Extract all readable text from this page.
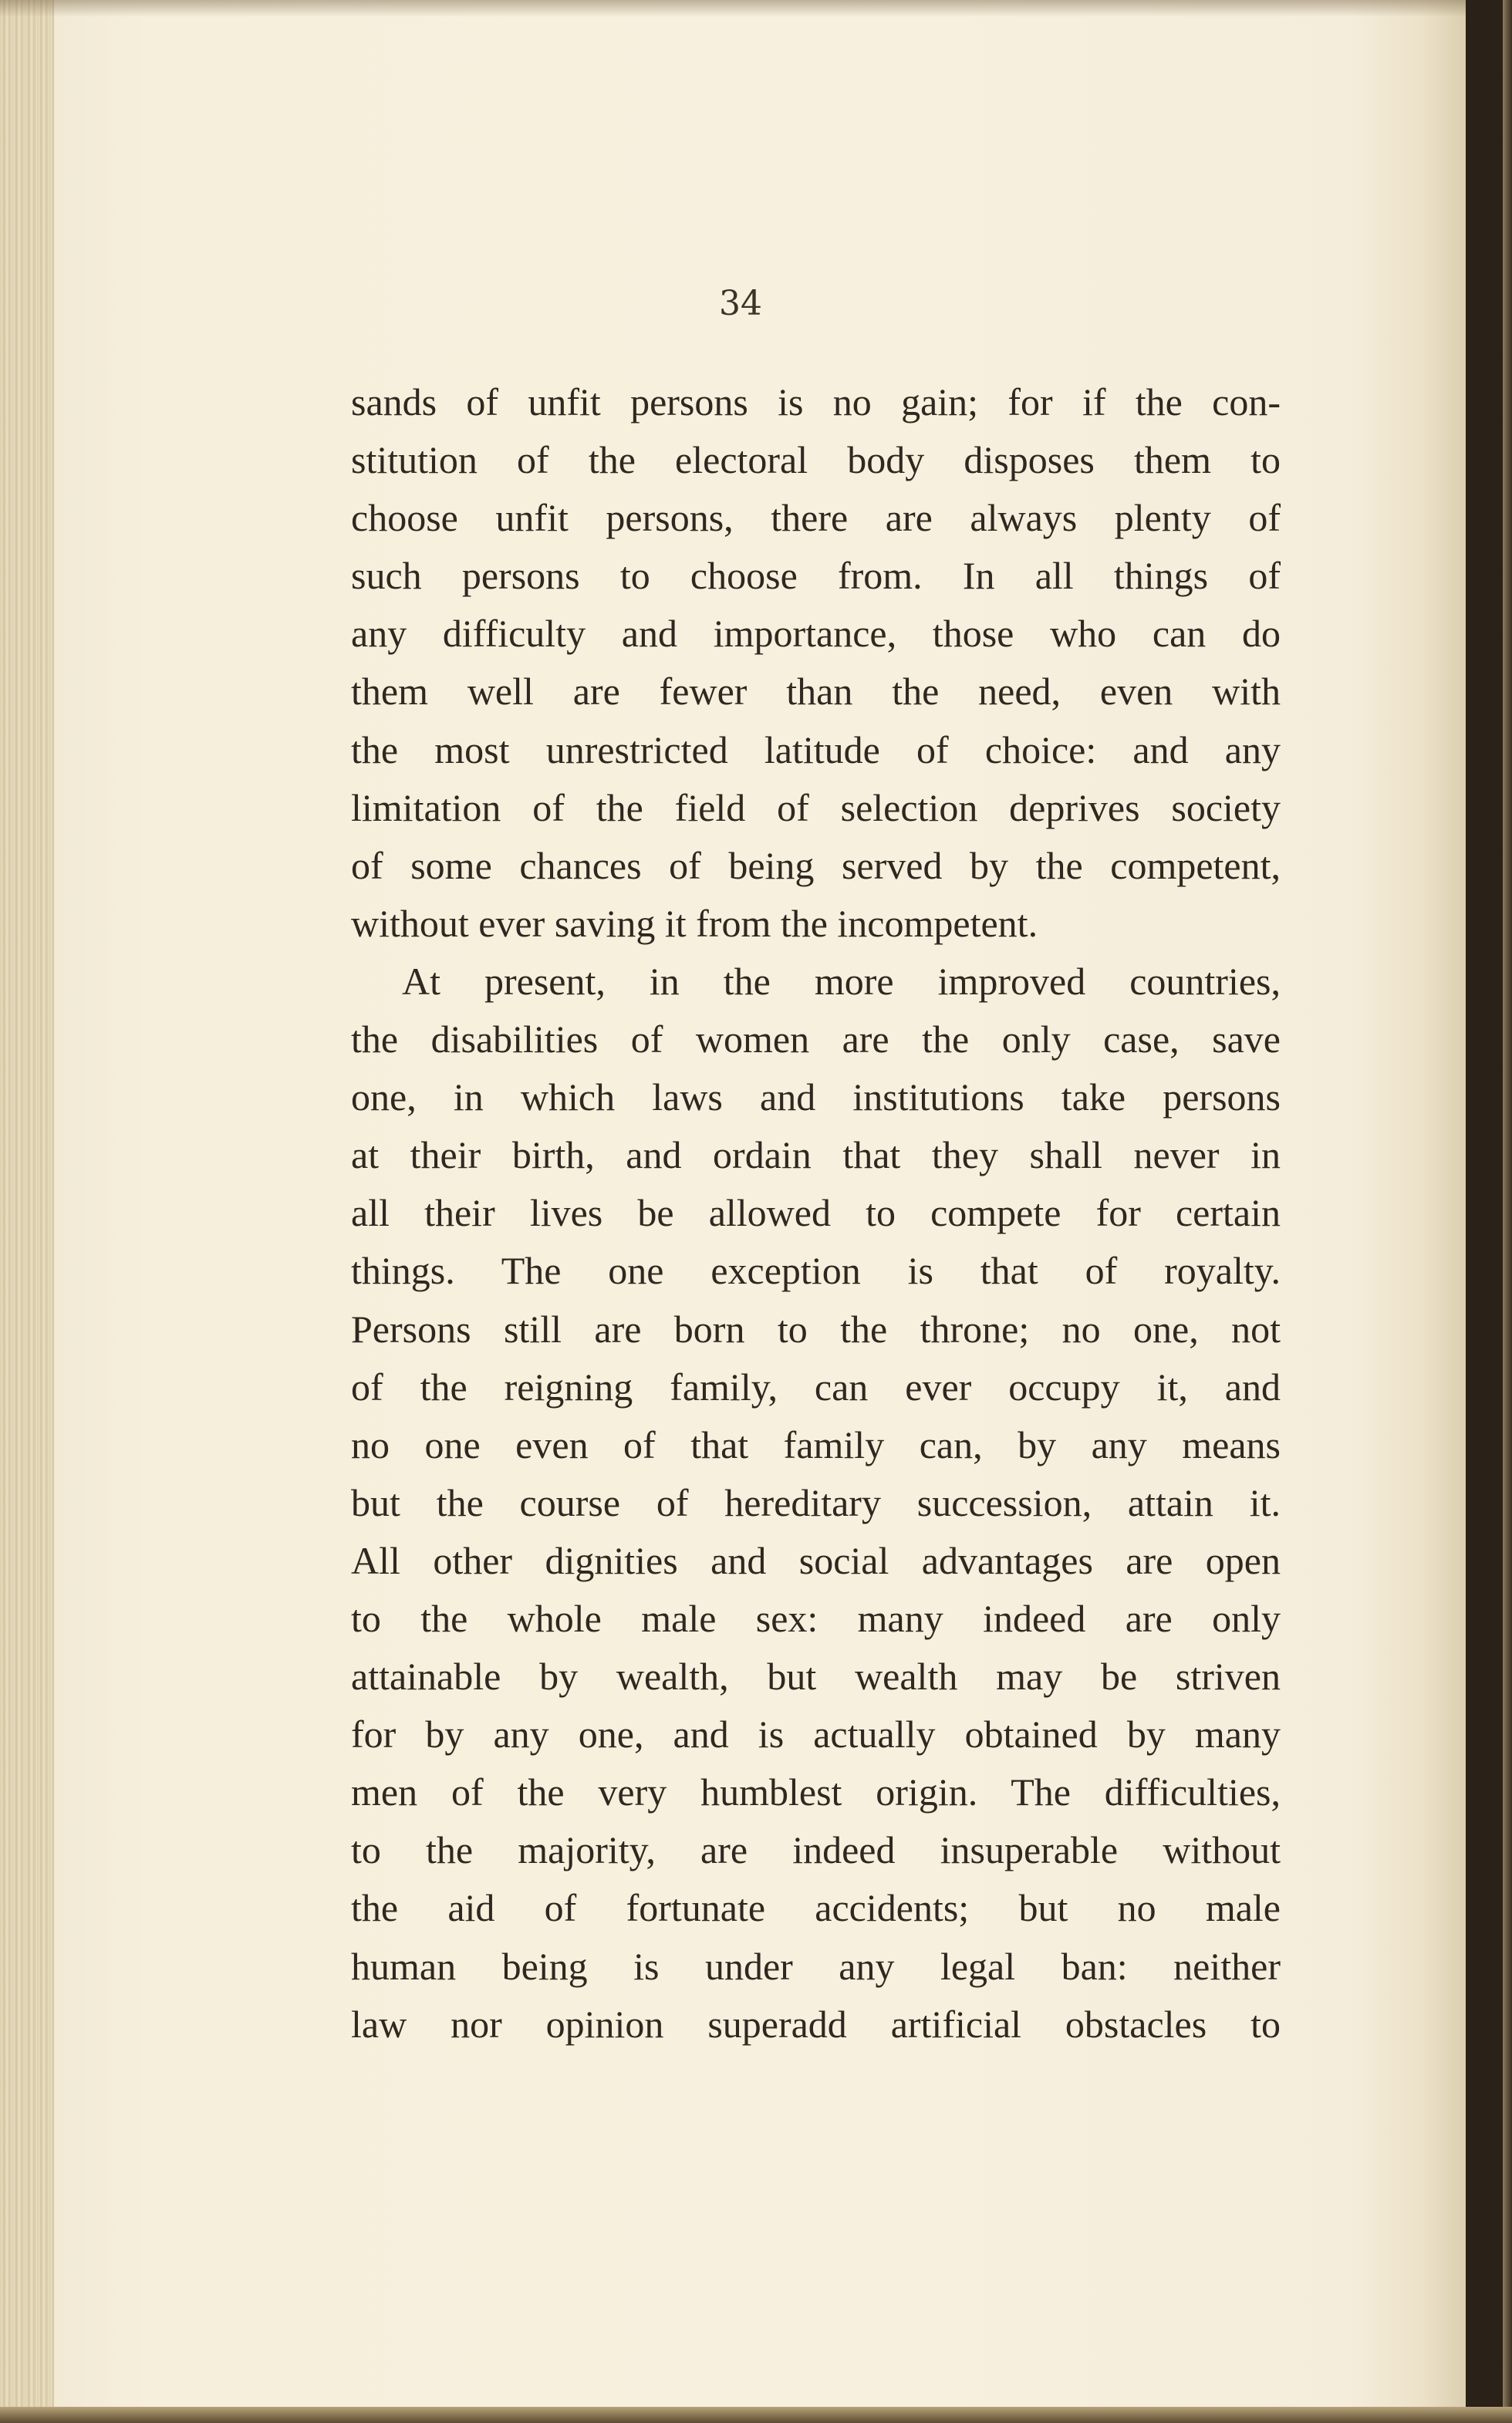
34
sands of unfit persons is no gain; for if the con-
stitution of the electoral body disposes them to
choose unfit persons, there are always plenty of
such persons to choose from. In all things of
any difficulty and importance, those who can do
them well are fewer than the need, even with
the most unrestricted latitude of choice: and any
limitation of the field of selection deprives society
of some chances of being served by the competent,
without ever saving it from the incompetent.
At present, in the more improved countries,
the disabilities of women are the only case, save
one, in which laws and institutions take persons
at their birth, and ordain that they shall never in
all their lives be allowed to compete for certain
things. The one exception is that of royalty.
Persons still are born to the throne; no one, not
of the reigning family, can ever occupy it, and
no one even of that family can, by any means
but the course of hereditary succession, attain it.
All other dignities and social advantages are open
to the whole male sex: many indeed are only
attainable by wealth, but wealth may be striven
for by any one, and is actually obtained by many
men of the very humblest origin. The difficulties,
to the majority, are indeed insuperable without
the aid of fortunate accidents; but no male
human being is under any legal ban: neither
law nor opinion superadd artificial obstacles to
